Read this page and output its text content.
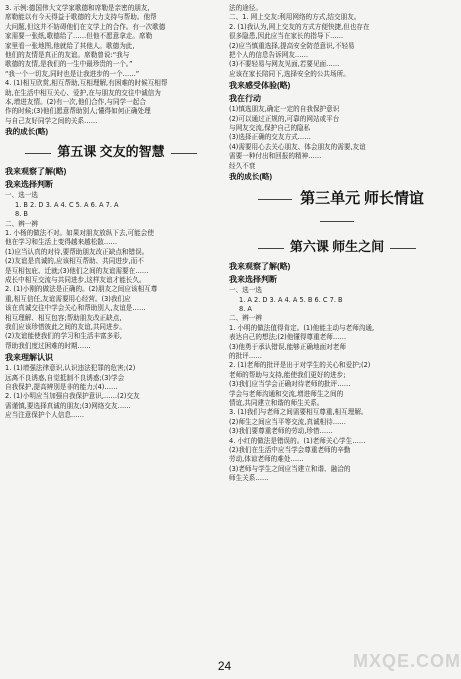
3. 示例:德国伟大文学家歌德和席勒是亲密的朋友,
席勒能以有今天得益于歌德的大力支持与帮助。他帮
大问题,但这并不妨碍他们在文学上的合作。有一次歌德
家需要一张纸,歌德给了……但他不愿意拿走。席勒
家里看一张地图,他就给了其他人。歌德为此,
他们的友情是真正的友谊。席勒曾说:“我与
歌德的友情,是我们的一生中最珍贵的一个。”
“我一个一切友,同时也是让我进步的一个……”
4. (1)相互欣赏,相互帮助,互相理解,有困难的时候互相帮
助,在生活中相互关心、爱护,在与朋友的交往中诚信为
本,增进友情。(2)有一次,他们合作,与同学一起合
作的时候;(3)他们愿意帮助别人;懂得如何正确处理
与自己友好同学之间的关系……
我的成长(略)
第五课 交友的智慧
我来观察了解(略)
我来选择判断
一、选一选
1. B 2. D 3. A 4. C 5. A 6. A 7. A
8. B
二、辨一辨
1. 小杨的做法不对。如果对朋友放纵下去,可能会使
他在学习和生活上变得越来越松散……
(1)应当认真的对待,要帮助朋友改正缺点和错误。
(2)友谊是真诚的,应该相互帮助、共同进步,而不
是互相包庇、迁就;(3)他们之间的友谊需要在……
成长中相互交流与共同进步,这样友谊才能长久。
2. (1)小刚的做法是正确的。(2)朋友之间应该相互尊
重,相互信任,友谊需要用心经营。(3)我们应
该在真诚交往中学会关心和帮助别人,友谊是……
相互理解、相互包容;帮助朋友改正缺点,
我们应该珍惜彼此之间的友谊,共同进步。
(2)友谊能使我们的学习和生活丰富多彩,
帮助我们度过困难的时期……
我来理解认识
1. (1)增强法律意识,认识违法犯罪的危害;(2)
远离不良诱惑,自觉抵制不良诱惑;(3)学会
自我保护,提高辨别是非的能力;(4)……
2. (1)小明应当加强自我保护意识,……(2)交友
需谨慎,要选择真诚的朋友;(3)网络交友……
应当注意保护个人信息……
法的途径。
二、1. 网上交友:利用网络的方式,结交朋友。
2. (1)我认为,网上交友的方式方便快捷,但也存在
很多隐患,因此应当在家长的指导下……
(2)应当慎重选择,提高安全防范意识,不轻易
把个人的信息告诉网友……
(3)不要轻易与网友见面,若要见面……
应该在家长陪同下,选择安全的公共场所。
我来感受体验(略)
我在行动
(1)慎选朋友,确定一定的自我保护意识
(2)可以通过正规的,可靠的网站或平台
与网友交流,保护自己的隐私
(3)选择正确的交友方式……
(4)需要用心去关心朋友、体会朋友的需要,友谊
需要一种付出和回报的精神……
经久不衰
我的成长(略)
第三单元 师长情谊
第六课 师生之间
我来观察了解(略)
我来选择判断
一、选一选
1. A 2. D 3. A 4. A 5. B 6. C 7. B
8. A
二、辨一辨
1. 小明的做法值得肯定。(1)他能主动与老师沟通,
表达自己的想法;(2)他懂得尊重老师……
(3)他勇于承认错误,能够正确地面对老师
的批评……
2. (1)老师的批评是出于对学生的关心和爱护;(2)
老师的帮助与支持,能使我们更好的进步;
(3)我们应当学会正确对待老师的批评……
学会与老师沟通和交流,增进师生之间的
情谊,共同建立和谐的师生关系。
3. (1)我们与老师之间需要相互尊重,相互理解。
(2)师生之间应当平等交流,真诚相待……
(3)我们要尊重老师的劳动,珍惜……
4. 小红的做法是错误的。(1)老师关心学生……
(2)我们在生活中应当学会尊重老师的辛勤
劳动,体谅老师的难处……
(3)老师与学生之间应当建立和谐、融洽的
师生关系……
24	MXQE.COM
